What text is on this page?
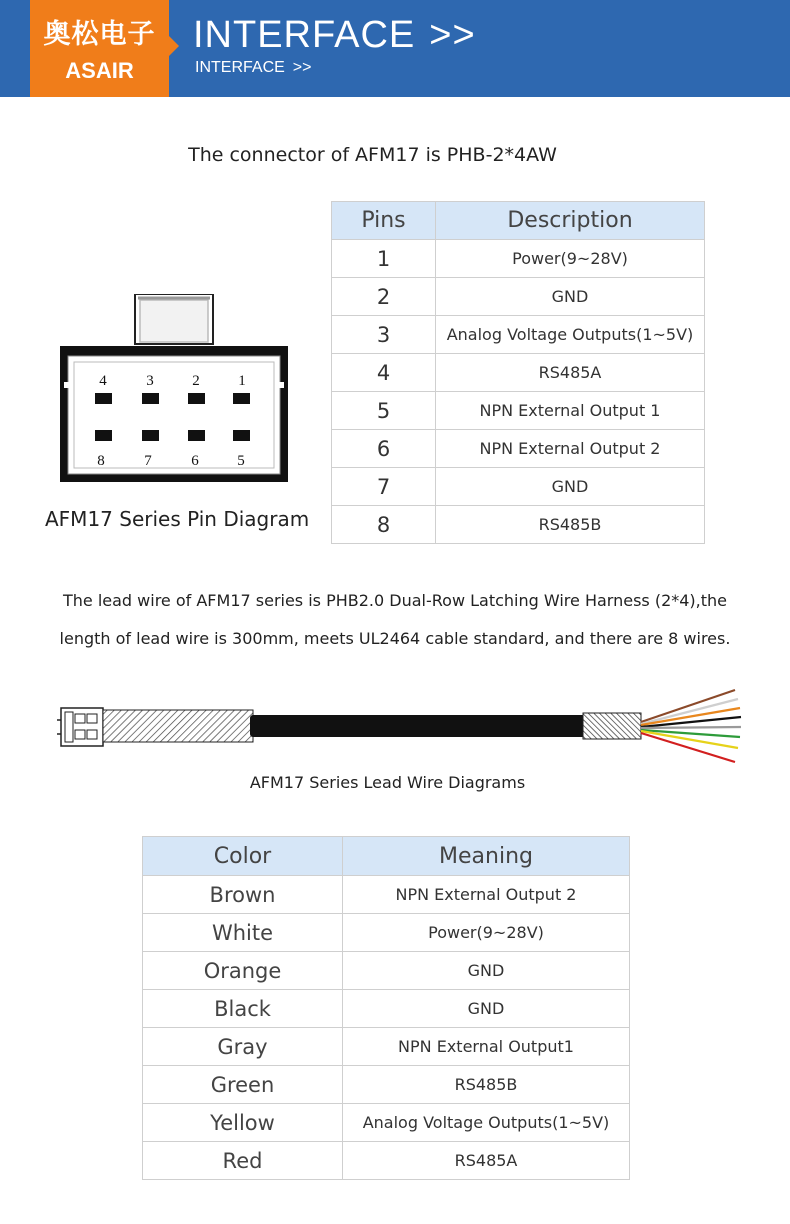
奥松电子
ASAIR
INTERFACE >>
INTERFACE >>
The connector of AFM17 is PHB-2*4AW
4	3	2	1
8	7	6	5
AFM17 Series Pin Diagram
Pins	Description
1	Power(9~28V)
2	GND
3	Analog Voltage Outputs(1~5V)
4	RS485A
5	NPN External Output 1
6	NPN External Output 2
7	GND
8	RS485B
The lead wire of AFM17 series is PHB2.0 Dual-Row Latching Wire Harness (2*4),the
length of lead wire is 300mm, meets UL2464 cable standard, and there are 8 wires.
AFM17 Series Lead Wire Diagrams
Color	Meaning
Brown	NPN External Output 2
White	Power(9~28V)
Orange	GND
Black	GND
Gray	NPN External Output1
Green	RS485B
Yellow	Analog Voltage Outputs(1~5V)
Red	RS485A
